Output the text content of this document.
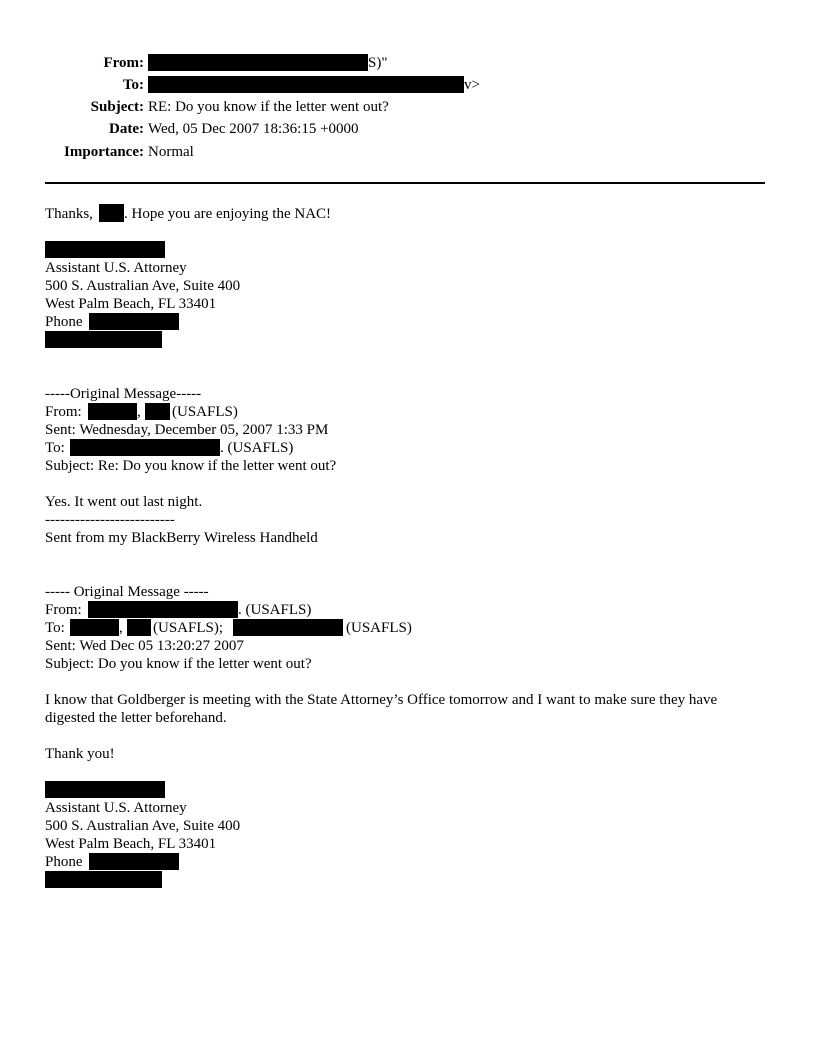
From:	S)"
To:	v>
Subject: RE: Do you know if the letter went out?
Date: Wed, 05 Dec 2007 18:36:15 +0000
Importance: Normal
Thanks, . Hope you are enjoying the NAC!
Assistant U.S. Attorney
500 S. Australian Ave, Suite 400
West Palm Beach, FL 33401
Phone
-----Original Message-----
From:	, (USAFLS)
Sent: Wednesday, December 05, 2007 1:33 PM
To:	. (USAFLS)
Subject: Re: Do you know if the letter went out?
Yes. It went out last night.
--------------------------
Sent from my BlackBerry Wireless Handheld
----- Original Message -----
From:	. (USAFLS)
To:	, (USAFLS);	(USAFLS)
Sent: Wed Dec 05 13:20:27 2007
Subject: Do you know if the letter went out?
I know that Goldberger is meeting with the State Attorney’s Office tomorrow and I want to make sure they have digested the letter beforehand.
Thank you!
Assistant U.S. Attorney
500 S. Australian Ave, Suite 400
West Palm Beach, FL 33401
Phone
